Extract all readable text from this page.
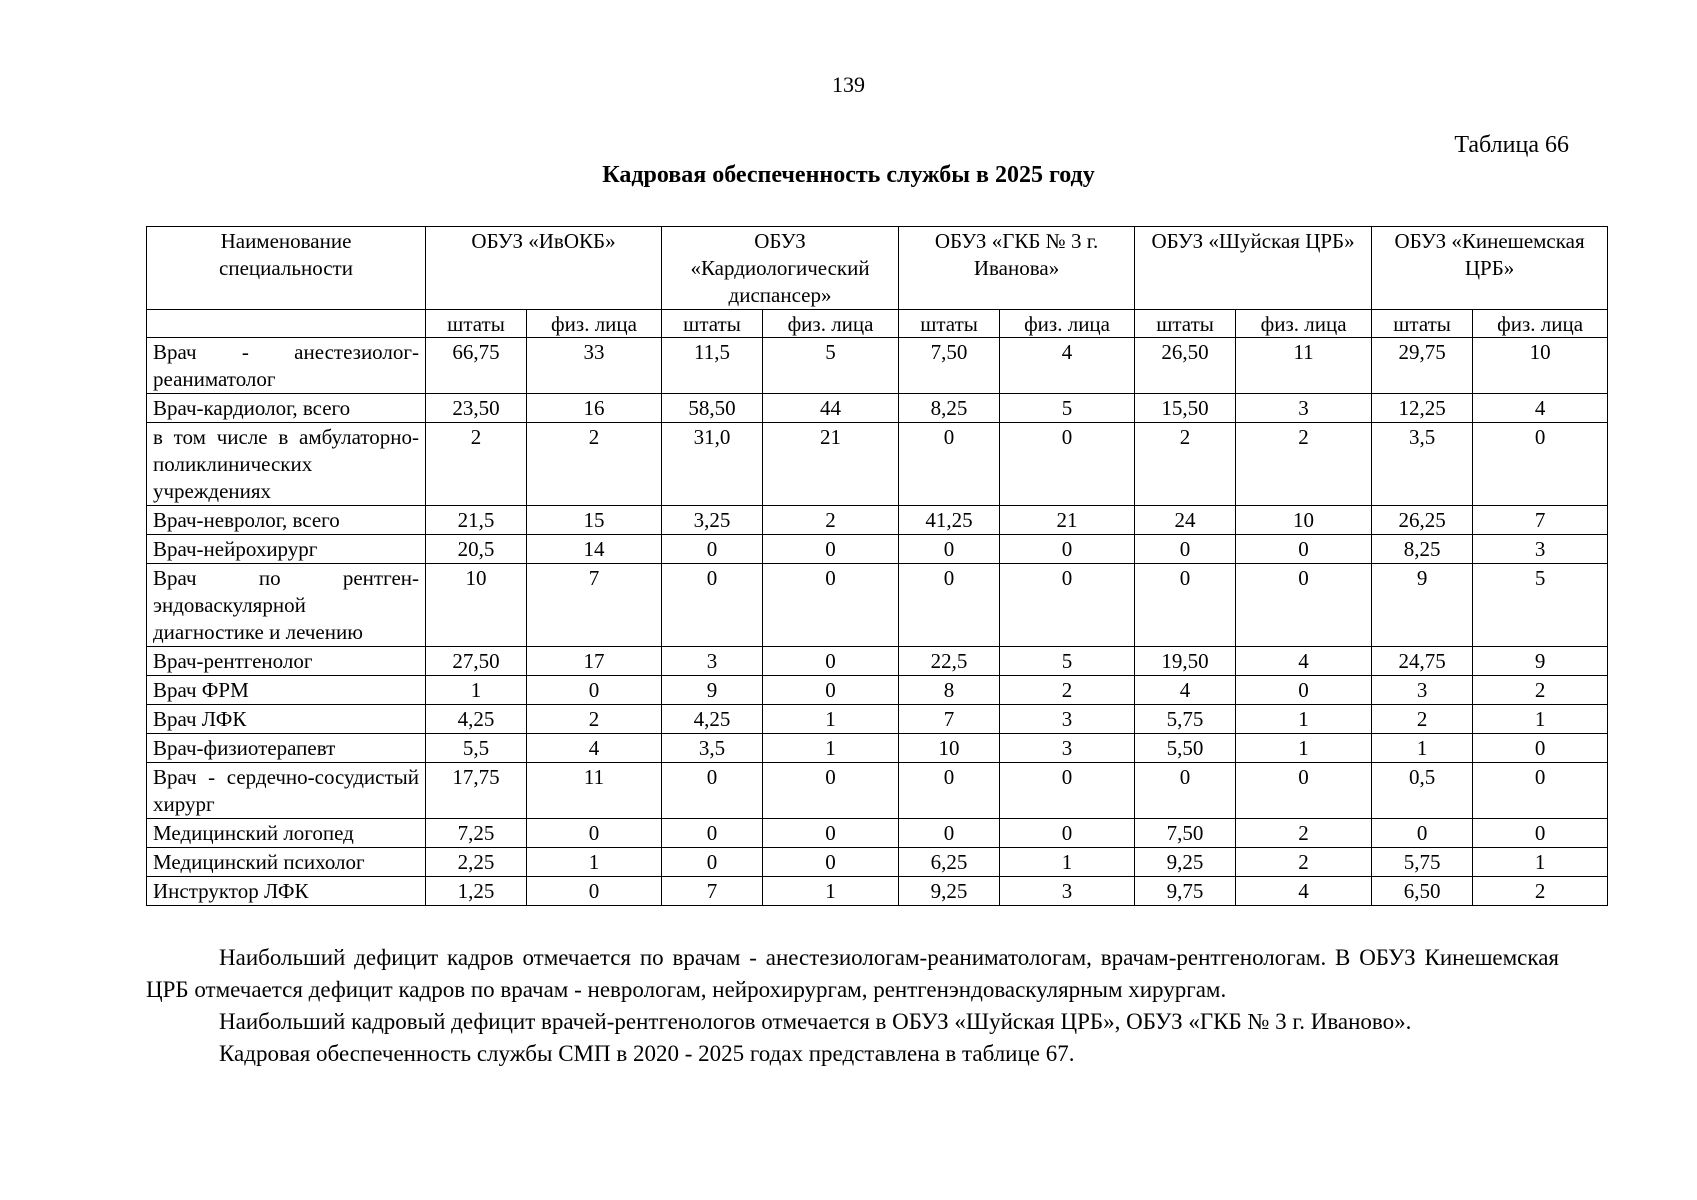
139
Таблица 66
Кадровая обеспеченность службы в 2025 году
Наименование специальности	ОБУЗ «ИвОКБ»		ОБУЗ «Кардиологический диспансер»		ОБУЗ «ГКБ № 3 г. Иванова»		ОБУЗ «Шуйская ЦРБ»		ОБУЗ «Кинешемская ЦРБ»	
	штаты	физ. лица	штаты	физ. лица	штаты	физ. лица	штаты	физ. лица	штаты	физ. лица
Врач - анестезиолог-реаниматолог	66,75	33	11,5	5	7,50	4	26,50	11	29,75	10
Врач-кардиолог, всего	23,50	16	58,50	44	8,25	5	15,50	3	12,25	4
в том числе в амбулаторно-поликлинических учреждениях	2	2	31,0	21	0	0	2	2	3,5	0
Врач-невролог, всего	21,5	15	3,25	2	41,25	21	24	10	26,25	7
Врач-нейрохирург	20,5	14	0	0	0	0	0	0	8,25	3
Врач по рентген-эндоваскулярной диагностике и лечению	10	7	0	0	0	0	0	0	9	5
Врач-рентгенолог	27,50	17	3	0	22,5	5	19,50	4	24,75	9
Врач ФРМ	1	0	9	0	8	2	4	0	3	2
Врач ЛФК	4,25	2	4,25	1	7	3	5,75	1	2	1
Врач-физиотерапевт	5,5	4	3,5	1	10	3	5,50	1	1	0
Врач - сердечно-сосудистый хирург	17,75	11	0	0	0	0	0	0	0,5	0
Медицинский логопед	7,25	0	0	0	0	0	7,50	2	0	0
Медицинский психолог	2,25	1	0	0	6,25	1	9,25	2	5,75	1
Инструктор ЛФК	1,25	0	7	1	9,25	3	9,75	4	6,50	2

Наибольший дефицит кадров отмечается по врачам - анестезиологам-реаниматологам, врачам-рентгенологам. В ОБУЗ Кинешемская ЦРБ отмечается дефицит кадров по врачам - неврологам, нейрохирургам, рентгенэндоваскулярным хирургам.

Наибольший кадровый дефицит врачей-рентгенологов отмечается в ОБУЗ «Шуйская ЦРБ», ОБУЗ «ГКБ № 3 г. Иваново».

Кадровая обеспеченность службы СМП в 2020 - 2025 годах представлена в таблице 67.
